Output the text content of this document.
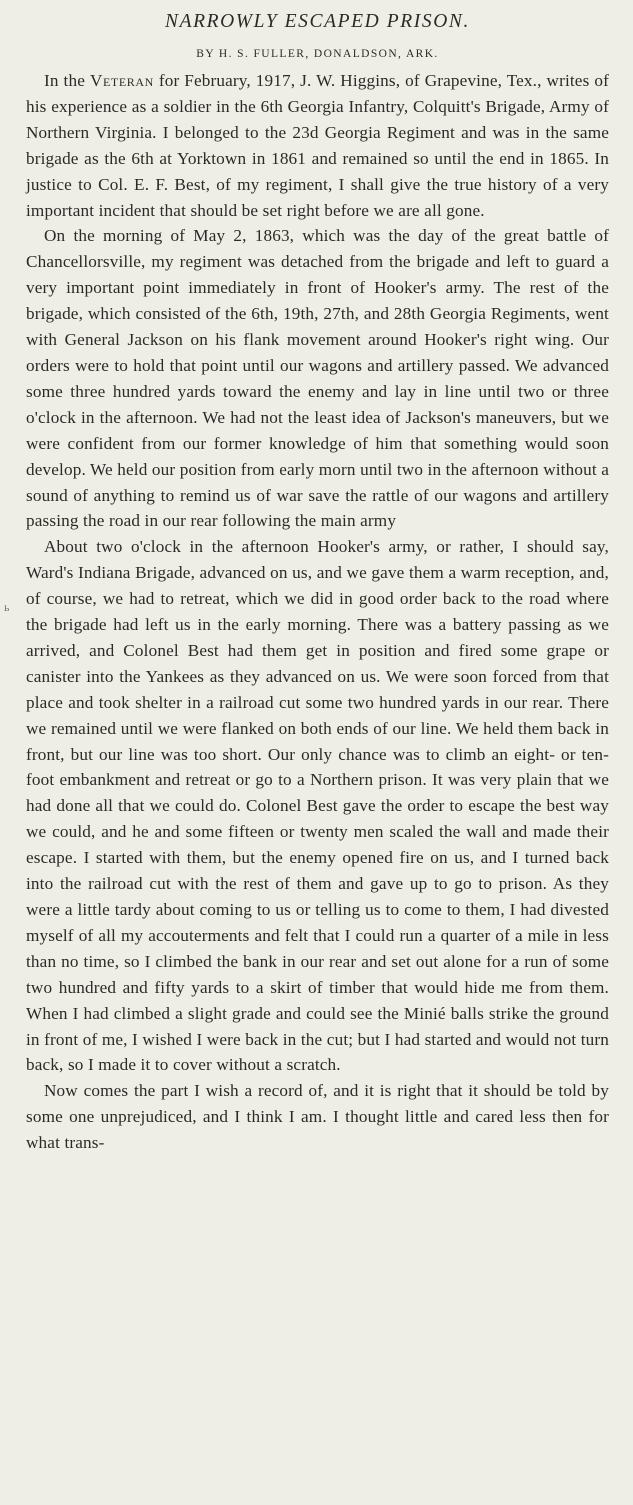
ь
NARROWLY ESCAPED PRISON.
BY H. S. FULLER, DONALDSON, ARK.

In the Veteran for February, 1917, J. W. Higgins, of Grapevine, Tex., writes of his experience as a soldier in the 6th Georgia Infantry, Colquitt's Brigade, Army of Northern Virginia. I belonged to the 23d Georgia Regiment and was in the same brigade as the 6th at Yorktown in 1861 and remained so until the end in 1865. In justice to Col. E. F. Best, of my regiment, I shall give the true history of a very important incident that should be set right before we are all gone.

On the morning of May 2, 1863, which was the day of the great battle of Chancellorsville, my regiment was detached from the brigade and left to guard a very important point immediately in front of Hooker's army. The rest of the brigade, which consisted of the 6th, 19th, 27th, and 28th Georgia Regiments, went with General Jackson on his flank movement around Hooker's right wing. Our orders were to hold that point until our wagons and artillery passed. We advanced some three hundred yards toward the enemy and lay in line until two or three o'clock in the afternoon. We had not the least idea of Jackson's maneuvers, but we were confident from our former knowledge of him that something would soon develop. We held our position from early morn until two in the afternoon without a sound of anything to remind us of war save the rattle of our wagons and artillery passing the road in our rear following the main army

About two o'clock in the afternoon Hooker's army, or rather, I should say, Ward's Indiana Brigade, advanced on us, and we gave them a warm reception, and, of course, we had to retreat, which we did in good order back to the road where the brigade had left us in the early morning. There was a battery passing as we arrived, and Colonel Best had them get in position and fired some grape or canister into the Yankees as they advanced on us. We were soon forced from that place and took shelter in a railroad cut some two hundred yards in our rear. There we remained until we were flanked on both ends of our line. We held them back in front, but our line was too short. Our only chance was to climb an eight- or ten-foot embankment and retreat or go to a Northern prison. It was very plain that we had done all that we could do. Colonel Best gave the order to escape the best way we could, and he and some fifteen or twenty men scaled the wall and made their escape. I started with them, but the enemy opened fire on us, and I turned back into the railroad cut with the rest of them and gave up to go to prison. As they were a little tardy about coming to us or telling us to come to them, I had divested myself of all my accouterments and felt that I could run a quarter of a mile in less than no time, so I climbed the bank in our rear and set out alone for a run of some two hundred and fifty yards to a skirt of timber that would hide me from them. When I had climbed a slight grade and could see the Minié balls strike the ground in front of me, I wished I were back in the cut; but I had started and would not turn back, so I made it to cover without a scratch.

Now comes the part I wish a record of, and it is right that it should be told by some one unprejudiced, and I think I am. I thought little and cared less then for what trans-
